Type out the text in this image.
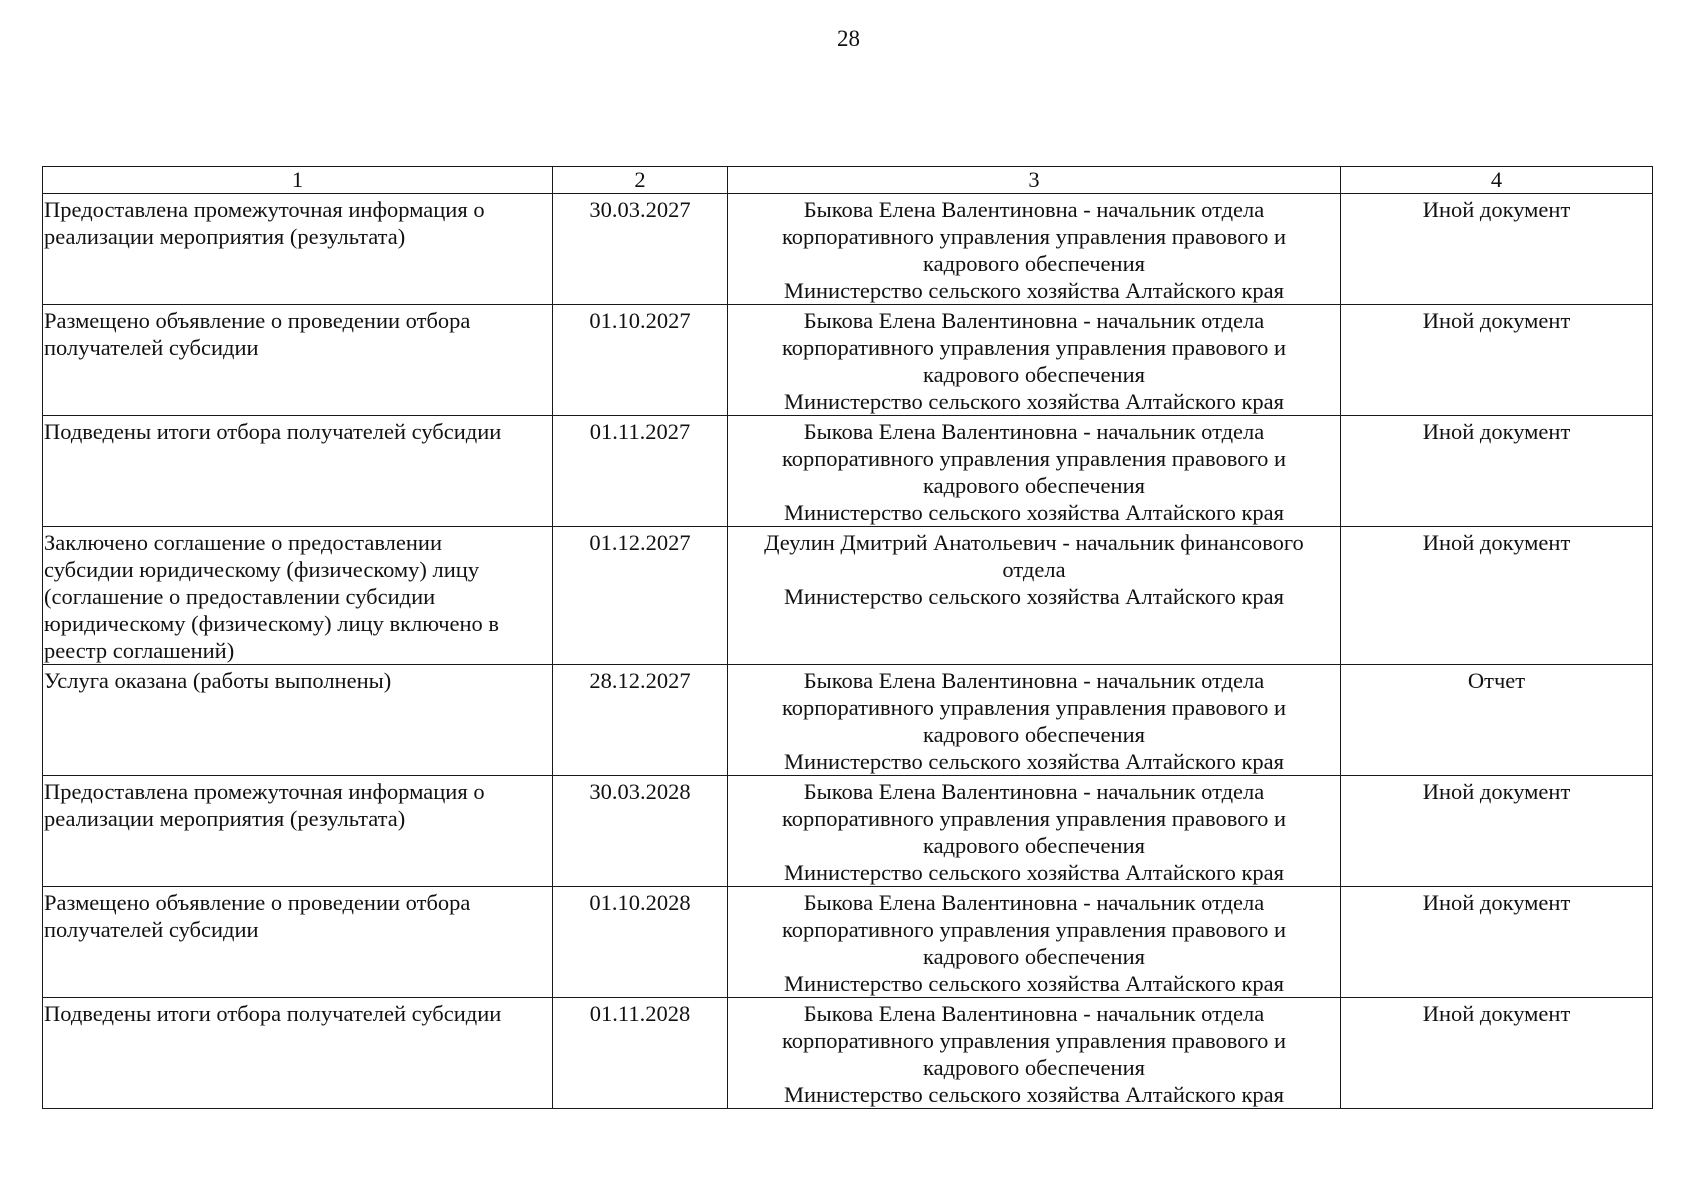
28
1	2	3	4

Предоставлена промежуточная информация о
реализации мероприятия (результата)	30.03.2027	Быкова Елена Валентиновна - начальник отдела
корпоративного управления управления правового и
кадрового обеспечения
Министерство сельского хозяйства Алтайского края	Иной документ

Размещено объявление о проведении отбора
получателей субсидии	01.10.2027	Быкова Елена Валентиновна - начальник отдела
корпоративного управления управления правового и
кадрового обеспечения
Министерство сельского хозяйства Алтайского края	Иной документ

Подведены итоги отбора получателей субсидии	01.11.2027	Быкова Елена Валентиновна - начальник отдела
корпоративного управления управления правового и
кадрового обеспечения
Министерство сельского хозяйства Алтайского края	Иной документ

Заключено соглашение о предоставлении
субсидии юридическому (физическому) лицу
(соглашение о предоставлении субсидии
юридическому (физическому) лицу включено в
реестр соглашений)	01.12.2027	Деулин Дмитрий Анатольевич - начальник финансового
отдела
Министерство сельского хозяйства Алтайского края	Иной документ

Услуга оказана (работы выполнены)	28.12.2027	Быкова Елена Валентиновна - начальник отдела
корпоративного управления управления правового и
кадрового обеспечения
Министерство сельского хозяйства Алтайского края	Отчет

Предоставлена промежуточная информация о
реализации мероприятия (результата)	30.03.2028	Быкова Елена Валентиновна - начальник отдела
корпоративного управления управления правового и
кадрового обеспечения
Министерство сельского хозяйства Алтайского края	Иной документ

Размещено объявление о проведении отбора
получателей субсидии	01.10.2028	Быкова Елена Валентиновна - начальник отдела
корпоративного управления управления правового и
кадрового обеспечения
Министерство сельского хозяйства Алтайского края	Иной документ

Подведены итоги отбора получателей субсидии	01.11.2028	Быкова Елена Валентиновна - начальник отдела
корпоративного управления управления правового и
кадрового обеспечения
Министерство сельского хозяйства Алтайского края	Иной документ
